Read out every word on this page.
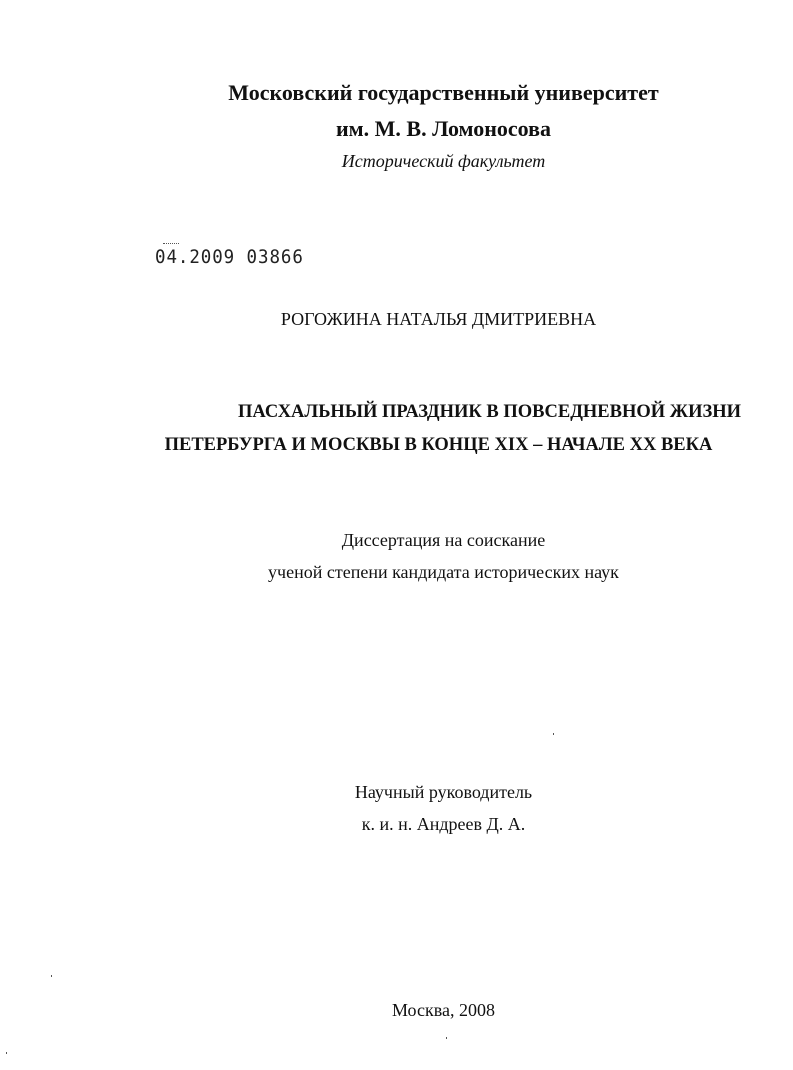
Московский государственный университет

им. М. В. Ломоносова

Исторический факультет

04.2009 03866

РОГОЖИНА НАТАЛЬЯ ДМИТРИЕВНА

ПАСХАЛЬНЫЙ ПРАЗДНИК В ПОВСЕДНЕВНОЙ ЖИЗНИ

ПЕТЕРБУРГА И МОСКВЫ В КОНЦЕ XIX – НАЧАЛЕ XX ВЕКА

Диссертация на соискание

ученой степени кандидата исторических наук

Научный руководитель

к. и. н. Андреев Д. А.

Москва, 2008
